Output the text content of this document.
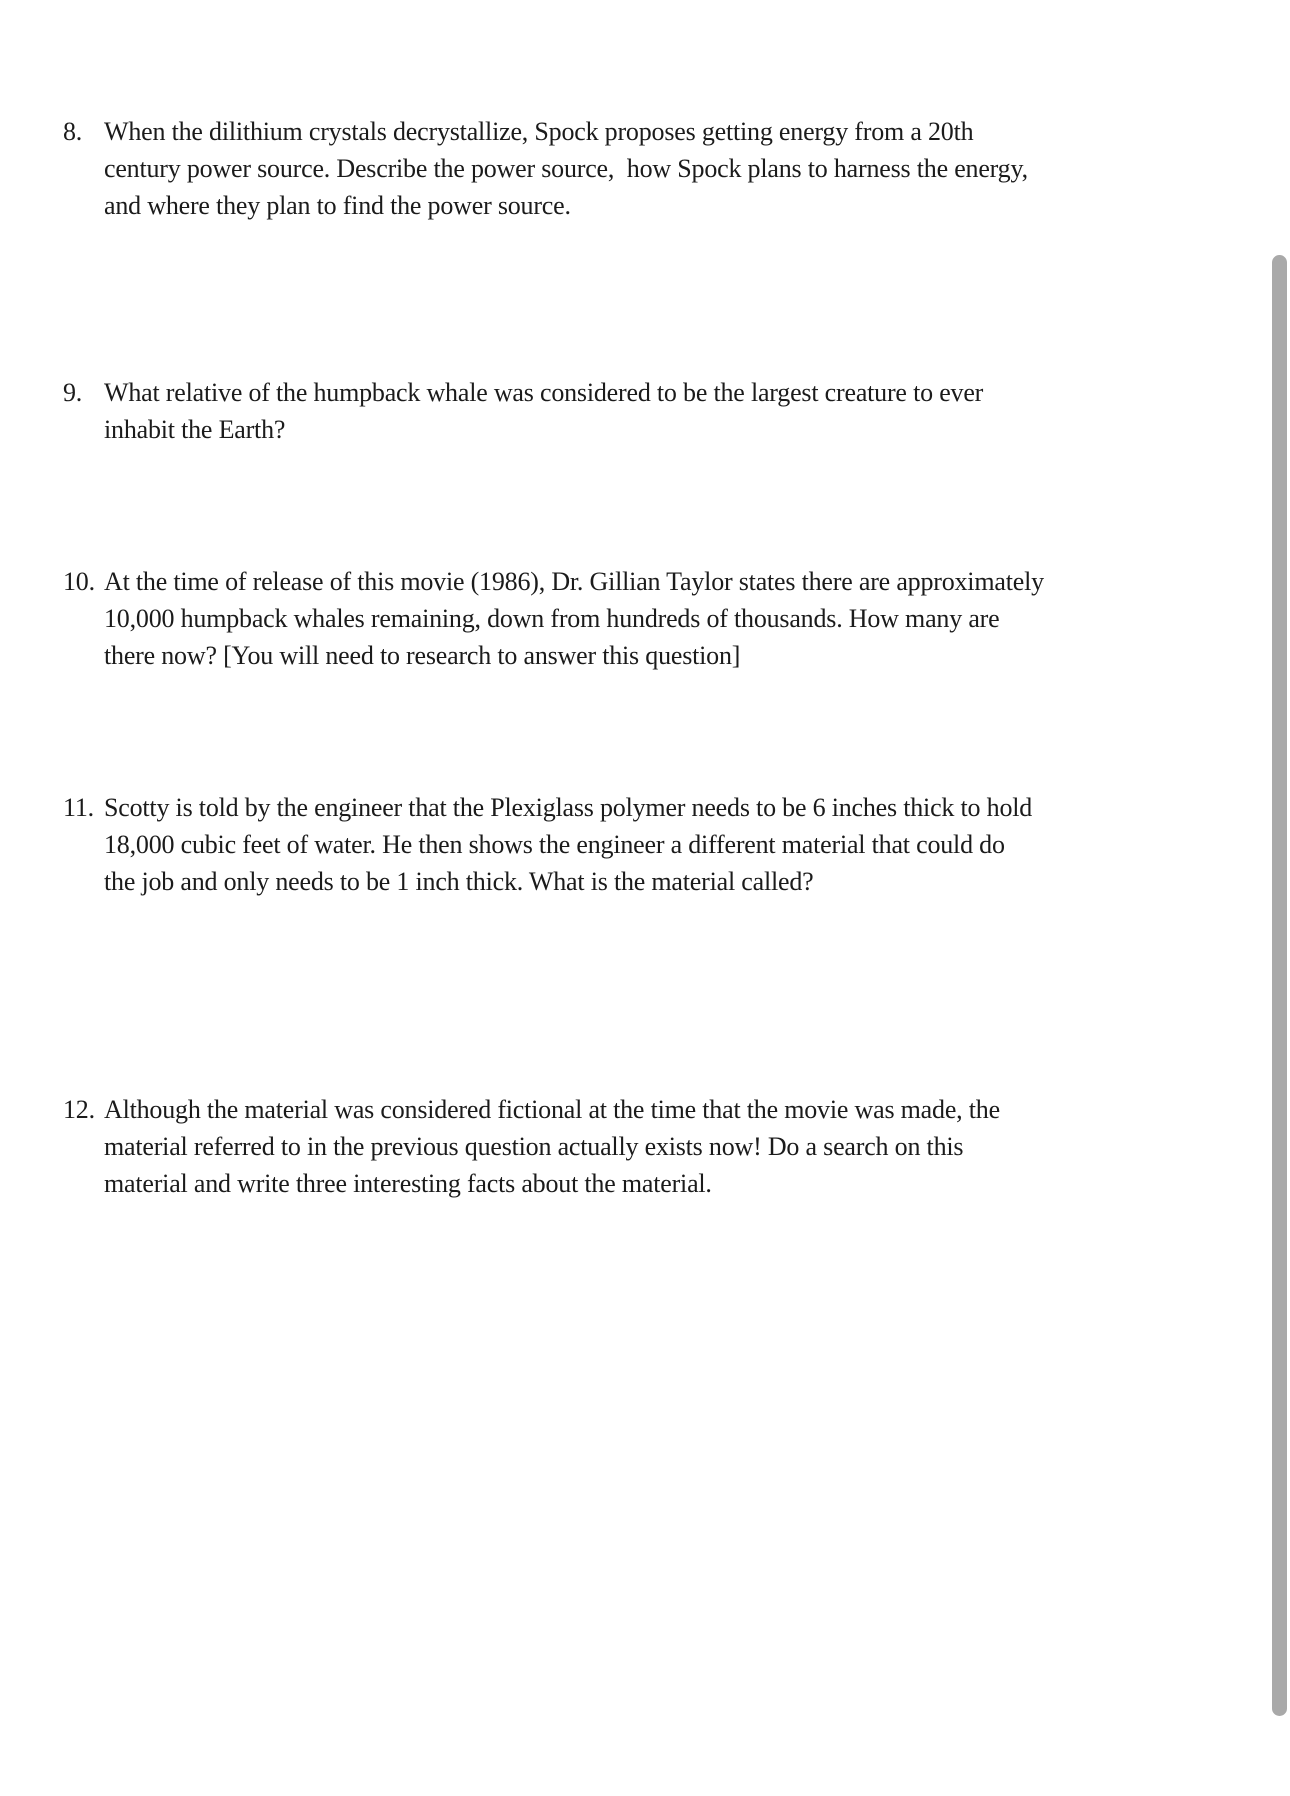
8. When the dilithium crystals decrystallize, Spock proposes getting energy from a 20th
century power source. Describe the power source,  how Spock plans to harness the energy,
and where they plan to find the power source.
9. What relative of the humpback whale was considered to be the largest creature to ever
inhabit the Earth?
10. At the time of release of this movie (1986), Dr. Gillian Taylor states there are approximately
10,000 humpback whales remaining, down from hundreds of thousands. How many are
there now? [You will need to research to answer this question]
11. Scotty is told by the engineer that the Plexiglass polymer needs to be 6 inches thick to hold
18,000 cubic feet of water. He then shows the engineer a different material that could do
the job and only needs to be 1 inch thick. What is the material called?
12. Although the material was considered fictional at the time that the movie was made, the
material referred to in the previous question actually exists now! Do a search on this
material and write three interesting facts about the material.
